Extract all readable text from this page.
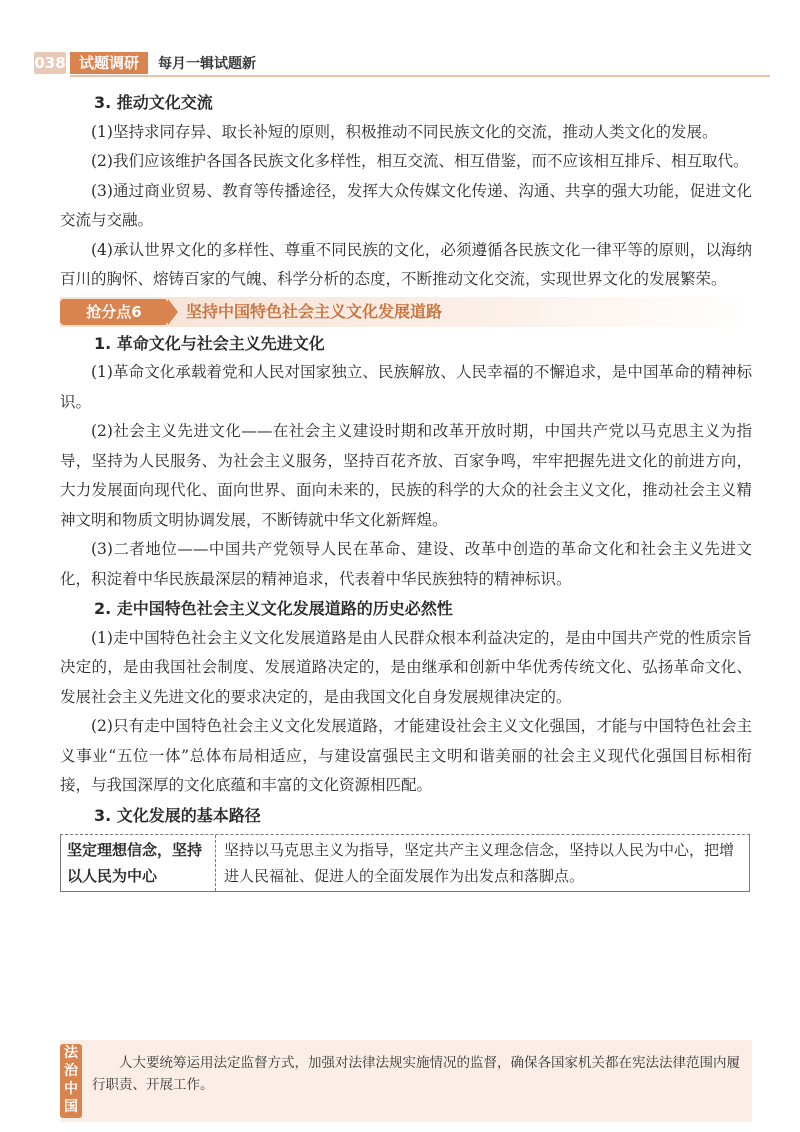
038 试题调研	每月一辑试题新
3. 推动文化交流

(1)坚持求同存异、取长补短的原则，积极推动不同民族文化的交流，推动人类文化的发展。

(2)我们应该维护各国各民族文化多样性，相互交流、相互借鉴，而不应该相互排斥、相互取代。

(3)通过商业贸易、教育等传播途径，发挥大众传媒文化传递、沟通、共享的强大功能，促进文化交流与交融。

(4)承认世界文化的多样性、尊重不同民族的文化，必须遵循各民族文化一律平等的原则，以海纳百川的胸怀、熔铸百家的气魄、科学分析的态度，不断推动文化交流，实现世界文化的发展繁荣。

抢分点6	坚持中国特色社会主义文化发展道路
1. 革命文化与社会主义先进文化

(1)革命文化承载着党和人民对国家独立、民族解放、人民幸福的不懈追求，是中国革命的精神标识。

(2)社会主义先进文化——在社会主义建设时期和改革开放时期，中国共产党以马克思主义为指导，坚持为人民服务、为社会主义服务，坚持百花齐放、百家争鸣，牢牢把握先进文化的前进方向，大力发展面向现代化、面向世界、面向未来的，民族的科学的大众的社会主义文化，推动社会主义精神文明和物质文明协调发展，不断铸就中华文化新辉煌。

(3)二者地位——中国共产党领导人民在革命、建设、改革中创造的革命文化和社会主义先进文化，积淀着中华民族最深层的精神追求，代表着中华民族独特的精神标识。

2. 走中国特色社会主义文化发展道路的历史必然性

(1)走中国特色社会主义文化发展道路是由人民群众根本利益决定的，是由中国共产党的性质宗旨决定的，是由我国社会制度、发展道路决定的，是由继承和创新中华优秀传统文化、弘扬革命文化、发展社会主义先进文化的要求决定的，是由我国文化自身发展规律决定的。

(2)只有走中国特色社会主义文化发展道路，才能建设社会主义文化强国，才能与中国特色社会主义事业“五位一体”总体布局相适应，与建设富强民主文明和谐美丽的社会主义现代化强国目标相衔接，与我国深厚的文化底蕴和丰富的文化资源相匹配。

3. 文化发展的基本路径
坚定理想信念，坚持以人民为中心
坚持以马克思主义为指导，坚定共产主义理念信念，坚持以人民为中心，把增进人民福祉、促进人的全面发展作为出发点和落脚点。
法治中国
人大要统筹运用法定监督方式，加强对法律法规实施情况的监督，确保各国家机关都在宪法法律范围内履行职责、开展工作。
